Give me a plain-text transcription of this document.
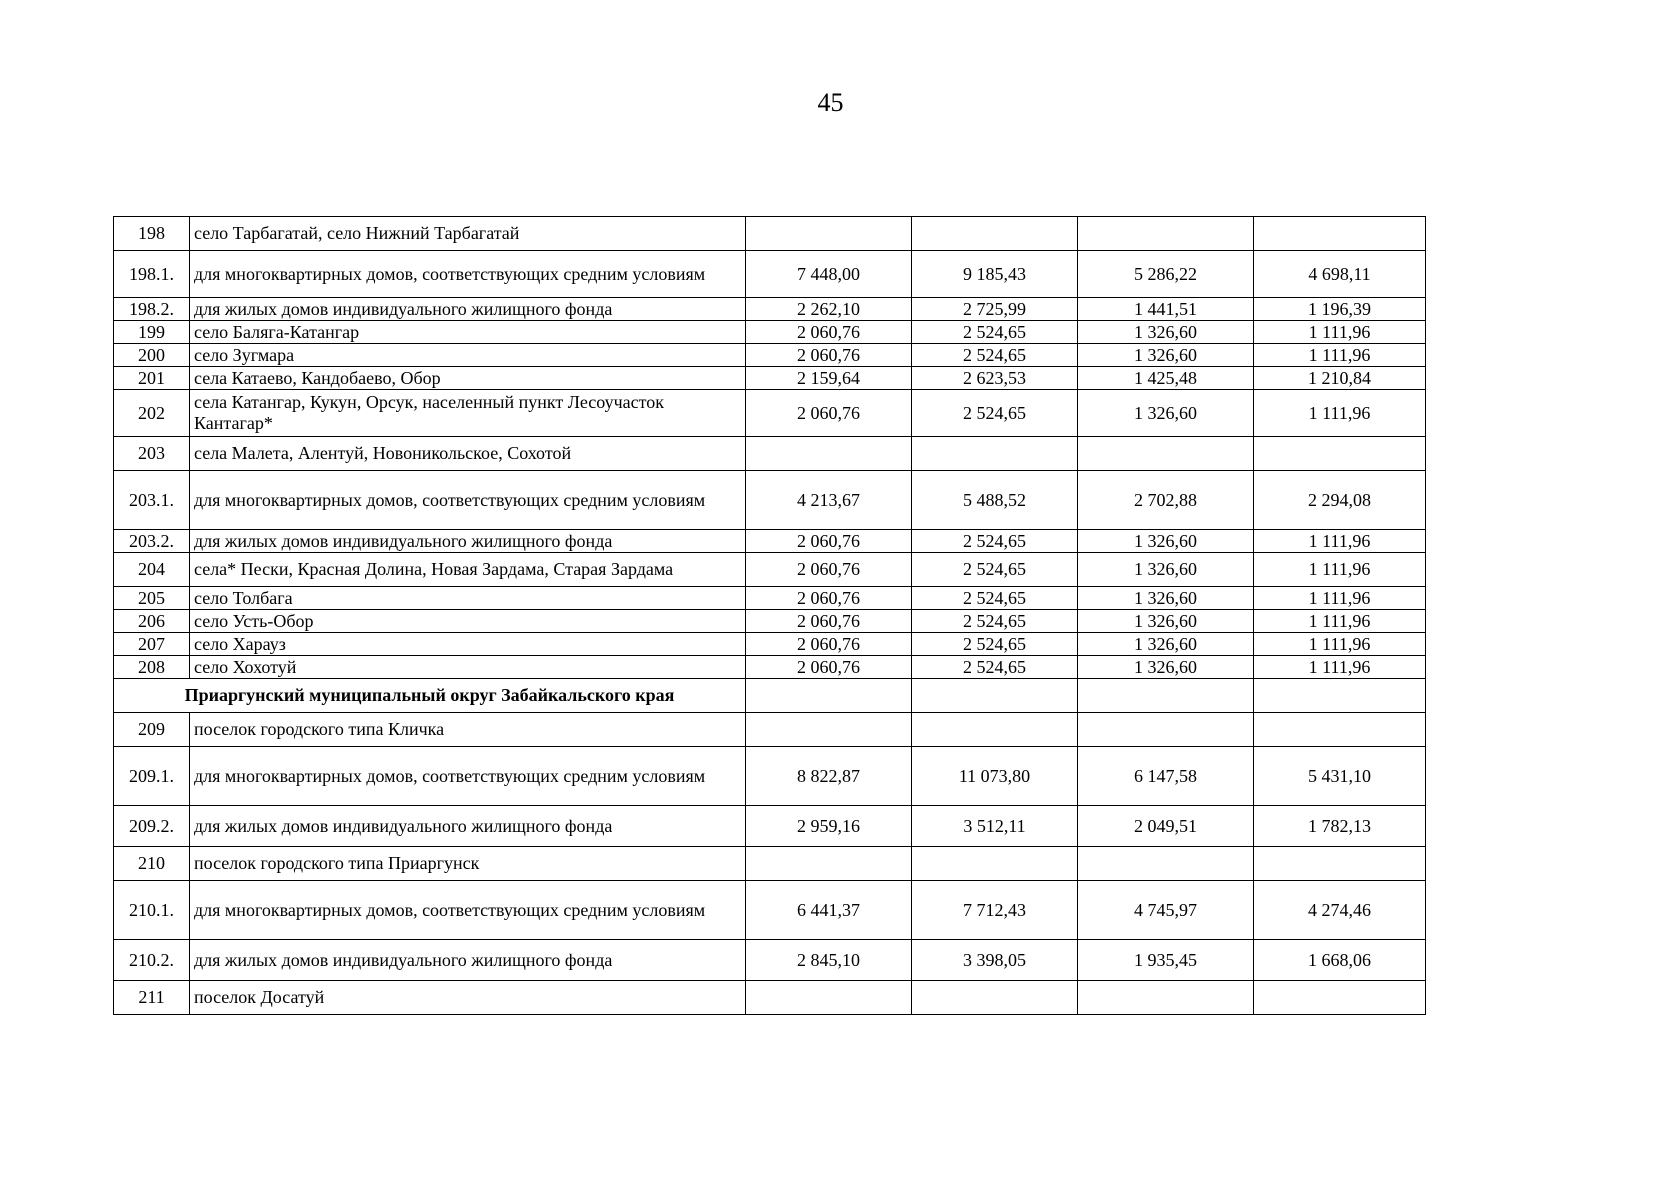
45
198	село Тарбагатай, село Нижний Тарбагатай				
198.1.	для многоквартирных домов, соответствующих средним условиям	7 448,00	9 185,43	5 286,22	4 698,11
198.2.	для жилых домов индивидуального жилищного фонда	2 262,10	2 725,99	1 441,51	1 196,39
199	село Баляга-Катангар	2 060,76	2 524,65	1 326,60	1 111,96
200	село Зугмара	2 060,76	2 524,65	1 326,60	1 111,96
201	села Катаево, Кандобаево, Обор	2 159,64	2 623,53	1 425,48	1 210,84
202	села Катангар, Кукун, Орсук, населенный пункт Лесоучасток Кантагар*	2 060,76	2 524,65	1 326,60	1 111,96
203	села Малета, Алентуй, Новоникольское, Сохотой				
203.1.	для многоквартирных домов, соответствующих средним условиям	4 213,67	5 488,52	2 702,88	2 294,08
203.2.	для жилых домов индивидуального жилищного фонда	2 060,76	2 524,65	1 326,60	1 111,96
204	села* Пески, Красная Долина, Новая Зардама, Старая Зардама	2 060,76	2 524,65	1 326,60	1 111,96
205	село Толбага	2 060,76	2 524,65	1 326,60	1 111,96
206	село Усть-Обор	2 060,76	2 524,65	1 326,60	1 111,96
207	село Харауз	2 060,76	2 524,65	1 326,60	1 111,96
208	село Хохотуй	2 060,76	2 524,65	1 326,60	1 111,96
Приаргунский муниципальный округ Забайкальского края					
209	поселок городского типа Кличка				
209.1.	для многоквартирных домов, соответствующих средним условиям	8 822,87	11 073,80	6 147,58	5 431,10
209.2.	для жилых домов индивидуального жилищного фонда	2 959,16	3 512,11	2 049,51	1 782,13
210	поселок городского типа Приаргунск				
210.1.	для многоквартирных домов, соответствующих средним условиям	6 441,37	7 712,43	4 745,97	4 274,46
210.2.	для жилых домов индивидуального жилищного фонда	2 845,10	3 398,05	1 935,45	1 668,06
211	поселок Досатуй				
